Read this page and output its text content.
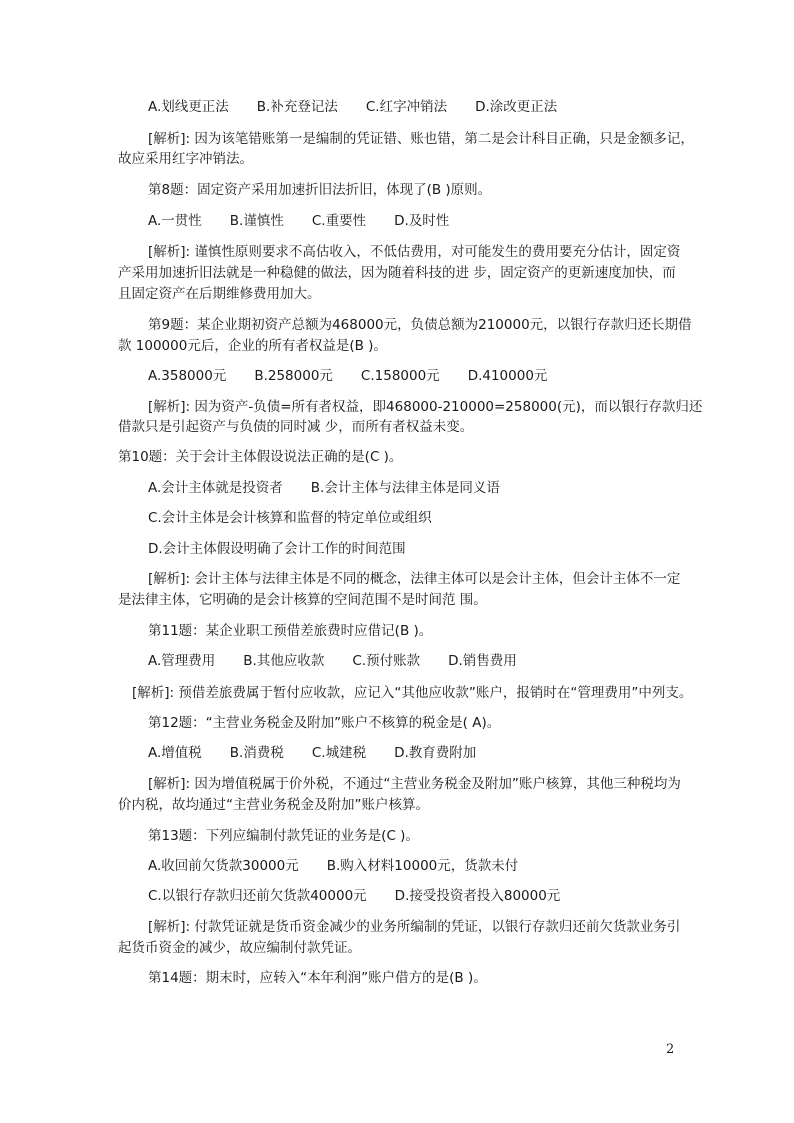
A.划线更正法 B.补充登记法 C.红字冲销法 D.涂改更正法
[解析]: 因为该笔错账第一是编制的凭证错、账也错，第二是会计科目正确，只是金额多记，
故应采用红字冲销法。
第8题：固定资产采用加速折旧法折旧，体现了(B )原则。
A.一贯性 B.谨慎性 C.重要性 D.及时性
[解析]: 谨慎性原则要求不高估收入，不低估费用，对可能发生的费用要充分估计，固定资
产采用加速折旧法就是一种稳健的做法，因为随着科技的进 步，固定资产的更新速度加快，而
且固定资产在后期维修费用加大。
第9题：某企业期初资产总额为468000元，负债总额为210000元，以银行存款归还长期借
款 100000元后，企业的所有者权益是(B )。
A.358000元 B.258000元 C.158000元 D.410000元
[解析]: 因为资产-负债=所有者权益，即468000-210000=258000(元)，而以银行存款归还
借款只是引起资产与负债的同时减 少，而所有者权益未变。
第10题：关于会计主体假设说法正确的是(C )。
A.会计主体就是投资者 B.会计主体与法律主体是同义语
C.会计主体是会计核算和监督的特定单位或组织
D.会计主体假设明确了会计工作的时间范围
[解析]: 会计主体与法律主体是不同的概念，法律主体可以是会计主体，但会计主体不一定
是法律主体，它明确的是会计核算的空间范围不是时间范 围。
第11题：某企业职工预借差旅费时应借记(B )。
A.管理费用 B.其他应收款 C.预付账款 D.销售费用
[解析]: 预借差旅费属于暂付应收款，应记入“其他应收款”账户，报销时在“管理费用”中列支。
第12题：“主营业务税金及附加”账户不核算的税金是( A)。
A.增值税 B.消费税 C.城建税 D.教育费附加
[解析]: 因为增值税属于价外税，不通过“主营业务税金及附加”账户核算，其他三种税均为
价内税，故均通过“主营业务税金及附加”账户核算。
第13题：下列应编制付款凭证的业务是(C )。
A.收回前欠货款30000元 B.购入材料10000元，货款未付
C.以银行存款归还前欠货款40000元 D.接受投资者投入80000元
[解析]: 付款凭证就是货币资金减少的业务所编制的凭证，以银行存款归还前欠货款业务引
起货币资金的减少，故应编制付款凭证。
第14题：期末时，应转入“本年利润”账户借方的是(B )。
2
